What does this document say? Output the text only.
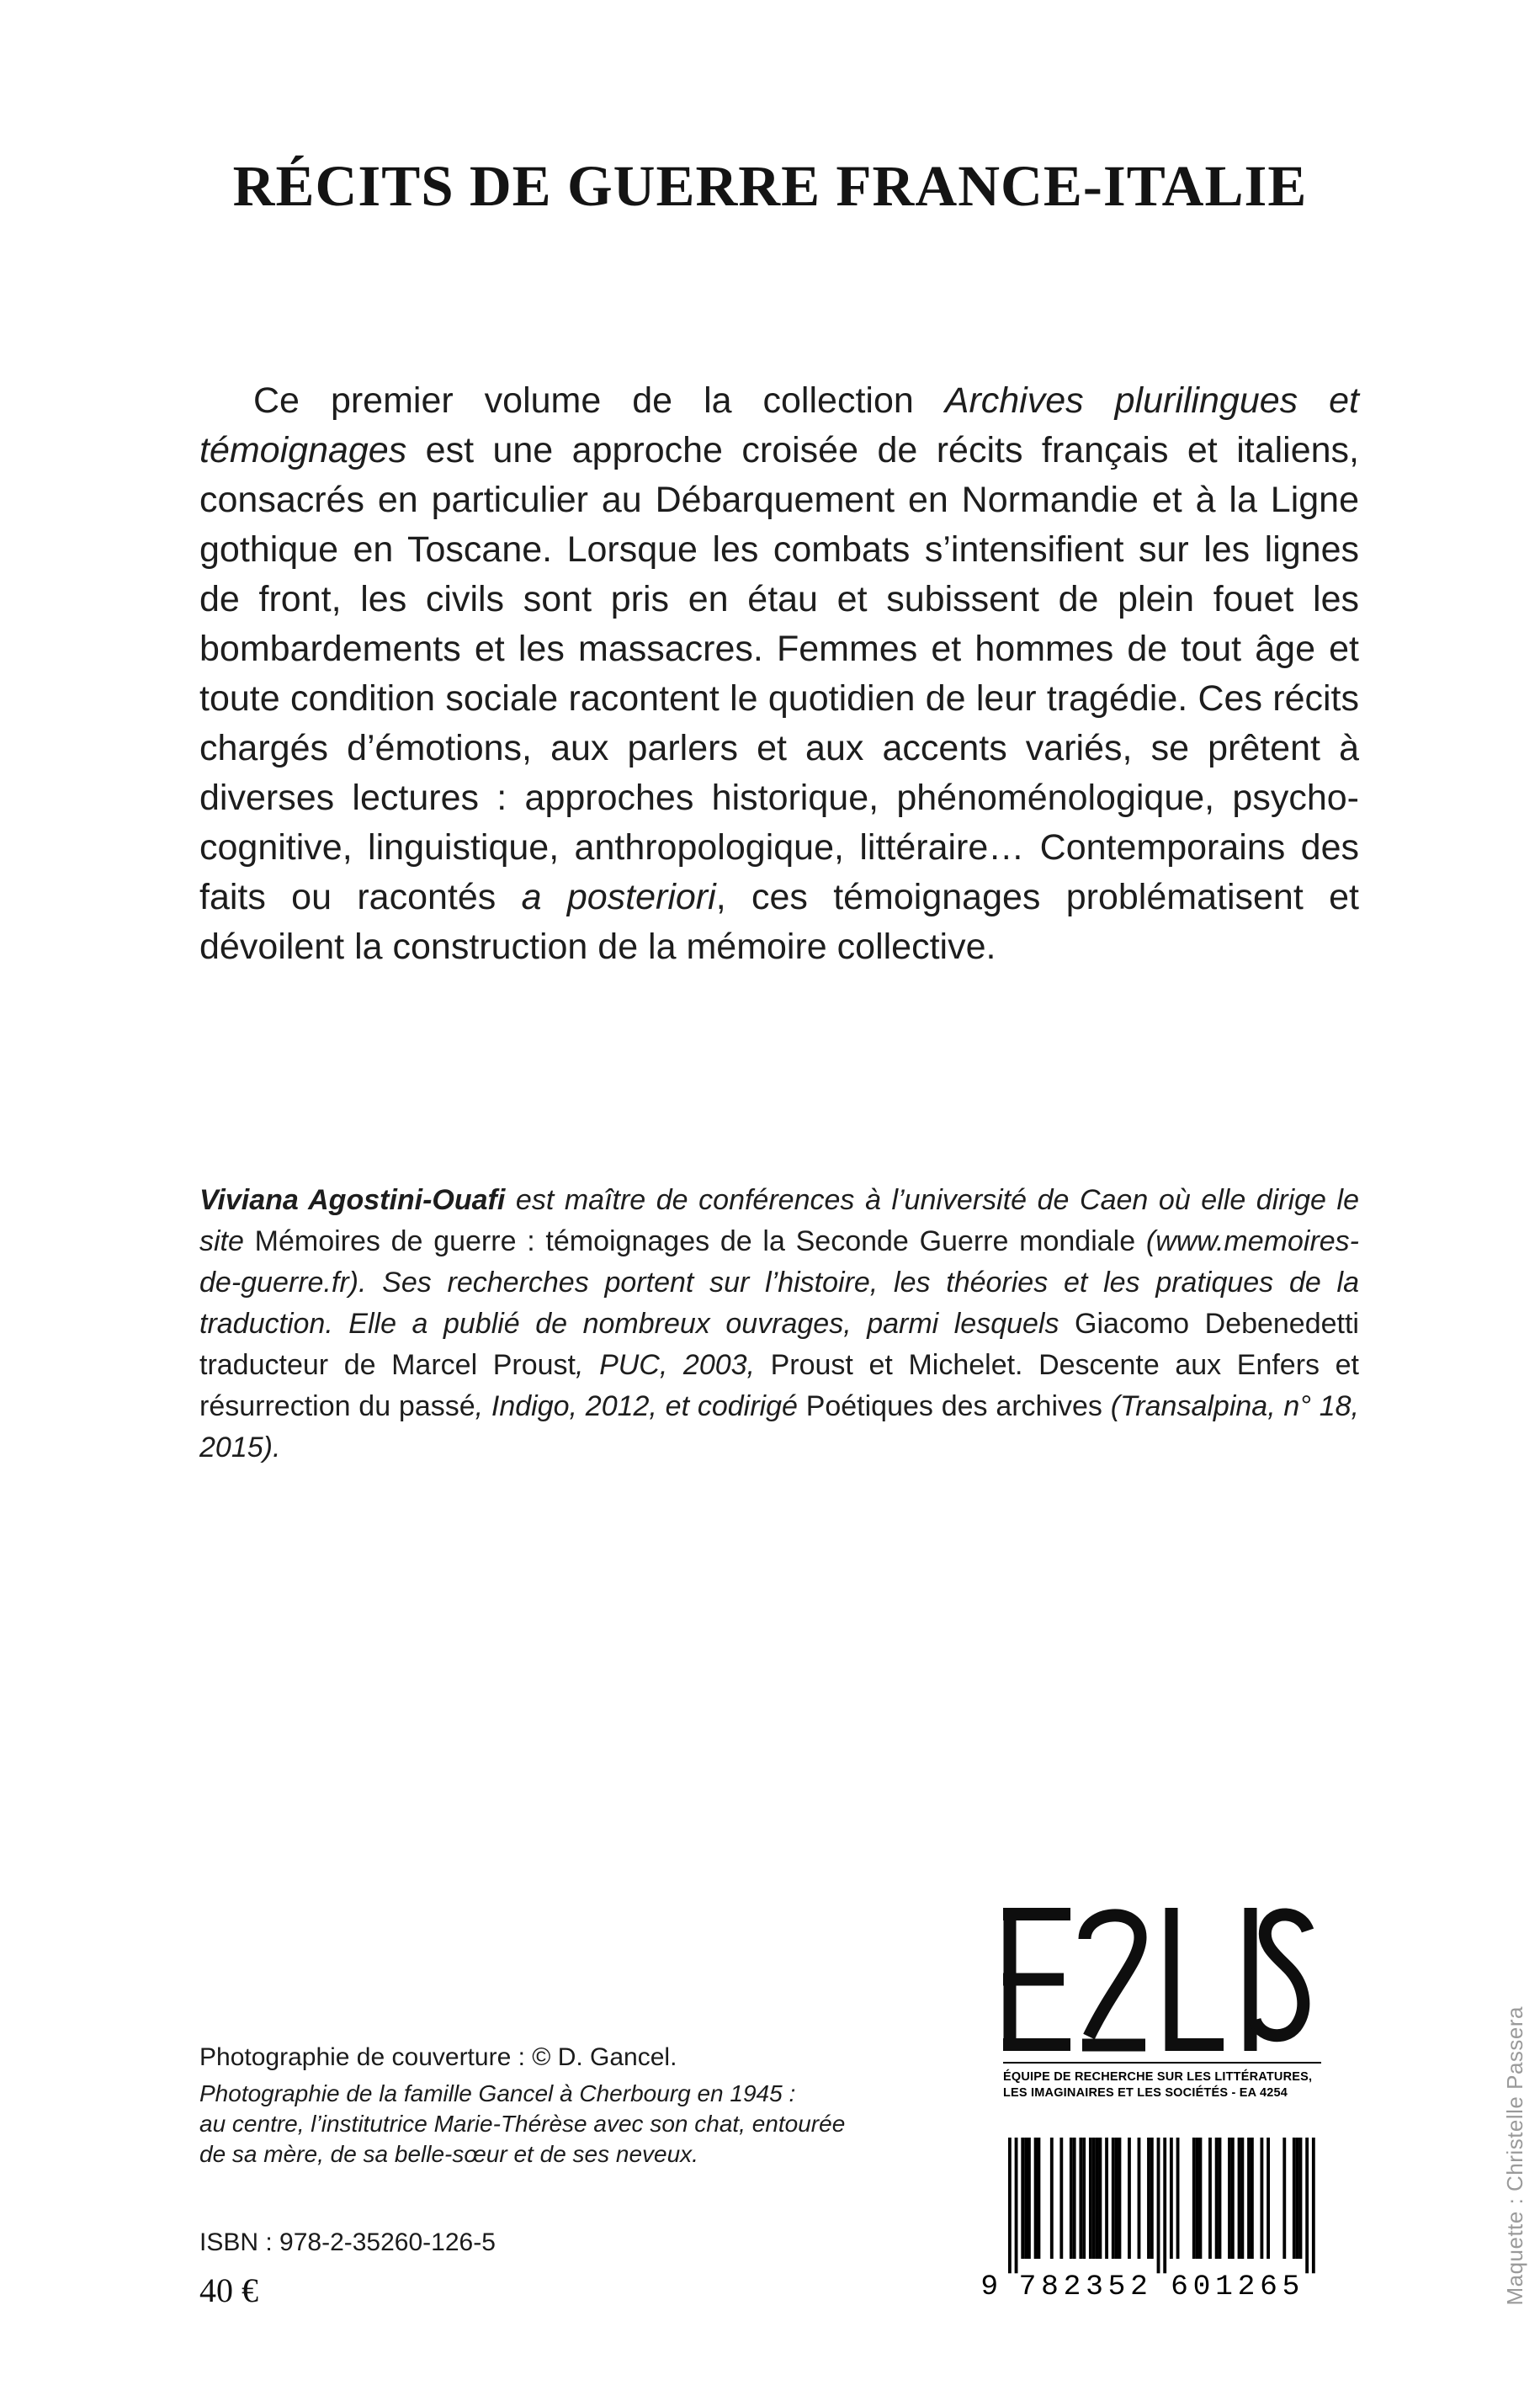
RÉCITS DE GUERRE FRANCE-ITALIE

Ce premier volume de la collection Archives plurilingues et témoignages est une approche croisée de récits français et italiens, consacrés en particulier au Débarquement en Normandie et à la Ligne gothique en Toscane. Lorsque les combats s’intensifient sur les lignes de front, les civils sont pris en étau et subissent de plein fouet les bombardements et les massacres. Femmes et hommes de tout âge et toute condition sociale racontent le quotidien de leur tragédie. Ces récits chargés d’émotions, aux parlers et aux accents variés, se prêtent à diverses lectures : approches historique, phénoménologique, psycho-cognitive, linguistique, anthropologique, littéraire… Contemporains des faits ou racontés a posteriori, ces témoignages problématisent et dévoilent la construction de la mémoire collective.

Viviana Agostini-Ouafi est maître de conférences à l’université de Caen où elle dirige le site Mémoires de guerre : témoignages de la Seconde Guerre mondiale (www.memoires-de-guerre.fr). Ses recherches portent sur l’histoire, les théories et les pratiques de la traduction. Elle a publié de nombreux ouvrages, parmi lesquels Giacomo Debenedetti traducteur de Marcel Proust, PUC, 2003, Proust et Michelet. Descente aux Enfers et résurrection du passé, Indigo, 2012, et codirigé Poétiques des archives (Transalpina, n° 18, 2015).

Photographie de couverture : © D. Gancel.

Photographie de la famille Gancel à Cherbourg en 1945 :
au centre, l’institutrice Marie-Thérèse avec son chat, entourée
de sa mère, de sa belle-sœur et de ses neveux.
ISBN : 978-2-35260-126-5
40 €
ÉQUIPE DE RECHERCHE SUR LES LITTÉRATURES,
LES IMAGINAIRES ET LES SOCIÉTÉS - EA 4254
9 782352 601265	Maquette : Christelle Passera
